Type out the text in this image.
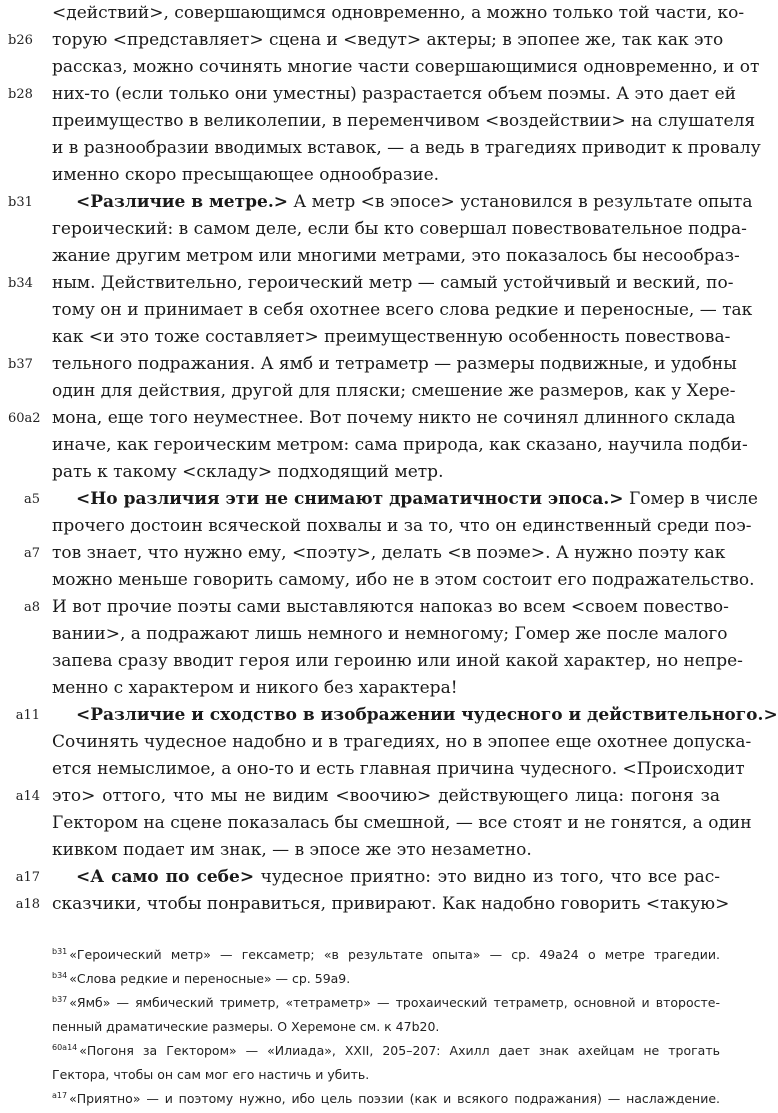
<действий>, совершающимся одновременно, а можно только той части, ко-
торую <представляет> сцена и <ведут> актеры; в эпопее же, так как это
рассказ, можно сочинять многие части совершающимися одновременно, и от
них-то (если только они уместны) разрастается объем поэмы. А это дает ей
преимущество в великолепии, в переменчивом <воздействии> на слушателя
и в разнообразии вводимых вставок, — а ведь в трагедиях приводит к провалу
именно скоро пресыщающее однообразие.
<Различие в метре.> А метр <в эпосе> установился в результате опыта
героический: в самом деле, если бы кто совершал повествовательное подра-
жание другим метром или многими метрами, это показалось бы несообраз-
ным. Действительно, героический метр — самый устойчивый и веский, по-
тому он и принимает в себя охотнее всего слова редкие и переносные, — так
как <и это тоже составляет> преимущественную особенность повествова-
тельного подражания. А ямб и тетраметр — размеры подвижные, и удобны
один для действия, другой для пляски; смешение же размеров, как у Хере-
мона, еще того неуместнее. Вот почему никто не сочинял длинного склада
иначе, как героическим метром: сама природа, как сказано, научила подби-
рать к такому <складу> подходящий метр.
<Но различия эти не снимают драматичности эпоса.> Гомер в числе
прочего достоин всяческой похвалы и за то, что он единственный среди поэ-
тов знает, что нужно ему, <поэту>, делать <в поэме>. А нужно поэту как
можно меньше говорить самому, ибо не в этом состоит его подражательство.
И вот прочие поэты сами выставляются напоказ во всем <своем повество-
вании>, а подражают лишь немного и немногому; Гомер же после малого
запева сразу вводит героя или героиню или иной какой характер, но непре-
менно с характером и никого без характера!
<Различие и сходство в изображении чудесного и действительного.>
Сочинять чудесное надобно и в трагедиях, но в эпопее еще охотнее допуска-
ется немыслимое, а оно-то и есть главная причина чудесного. <Происходит
это> оттого, что мы не видим <воочию> действующего лица: погоня за
Гектором на сцене показалась бы смешной, — все стоят и не гонятся, а один
кивком подает им знак, — в эпосе же это незаметно.
<А само по себе> чудесное приятно: это видно из того, что все рас-
сказчики, чтобы понравиться, привирают. Как надобно говорить <такую>
b26
b28
b31
b34
b37
60a2
a5
a7
a8
a11
a14
a17
a18
$^{b31}$ «Героический метр» — гексаметр; «в результате опыта» — ср. 49а24 о метре трагедии.
$^{b34}$ «Слова редкие и переносные» — ср. 59а9.
$^{b37}$ «Ямб» — ямбический триметр, «тетраметр» — трохаический тетраметр, основной и второсте-
пенный драматические размеры. О Херемоне см. к 47b20.
$^{60a14}$ «Погоня за Гектором» — «Илиада», XXII, 205–207: Ахилл дает знак ахейцам не трогать
Гектора, чтобы он сам мог его настичь и убить.
$^{a17}$ «Приятно» — и поэтому нужно, ибо цель поэзии (как и всякого подражания) — наслаждение.
